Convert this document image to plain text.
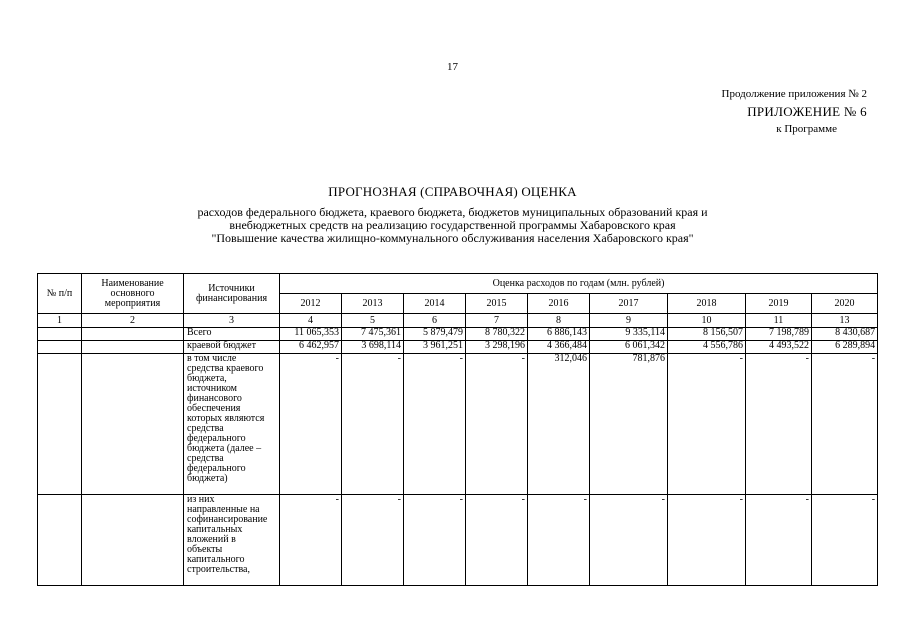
17
Продолжение приложения № 2
ПРИЛОЖЕНИЕ № 6
к Программе
ПРОГНОЗНАЯ (СПРАВОЧНАЯ) ОЦЕНКА
расходов федерального бюджета, краевого бюджета, бюджетов муниципальных образований края и
внебюджетных средств на реализацию государственной программы Хабаровского края
"Повышение качества жилищно-коммунального обслуживания населения Хабаровского края"
№ п/п	Наименование основного мероприятия	Источники финансирования	Оценка расходов по годам (млн. рублей)								
			2012	2013	2014	2015	2016	2017	2018	2019	2020
1	2	3	4	5	6	7	8	9	10	11	13
		Всего	11 065,353	7 475,361	5 879,479	8 780,322	6 886,143	9 335,114	8 156,507	7 198,789	8 430,687
		краевой бюджет	6 462,957	3 698,114	3 961,251	3 298,196	4 366,484	6 061,342	4 556,786	4 493,522	6 289,894

		в том числе средства краевого бюджета, источником финансового обеспечения которых являются средства федерального бюджета (далее – средства федерального бюджета)	-	-	-	-	312,046	781,876	-	-	-

		из них направленные на софинансирование капитальных вложений в объекты капитального строительства,	-	-	-	-	-	-	-	-	-
